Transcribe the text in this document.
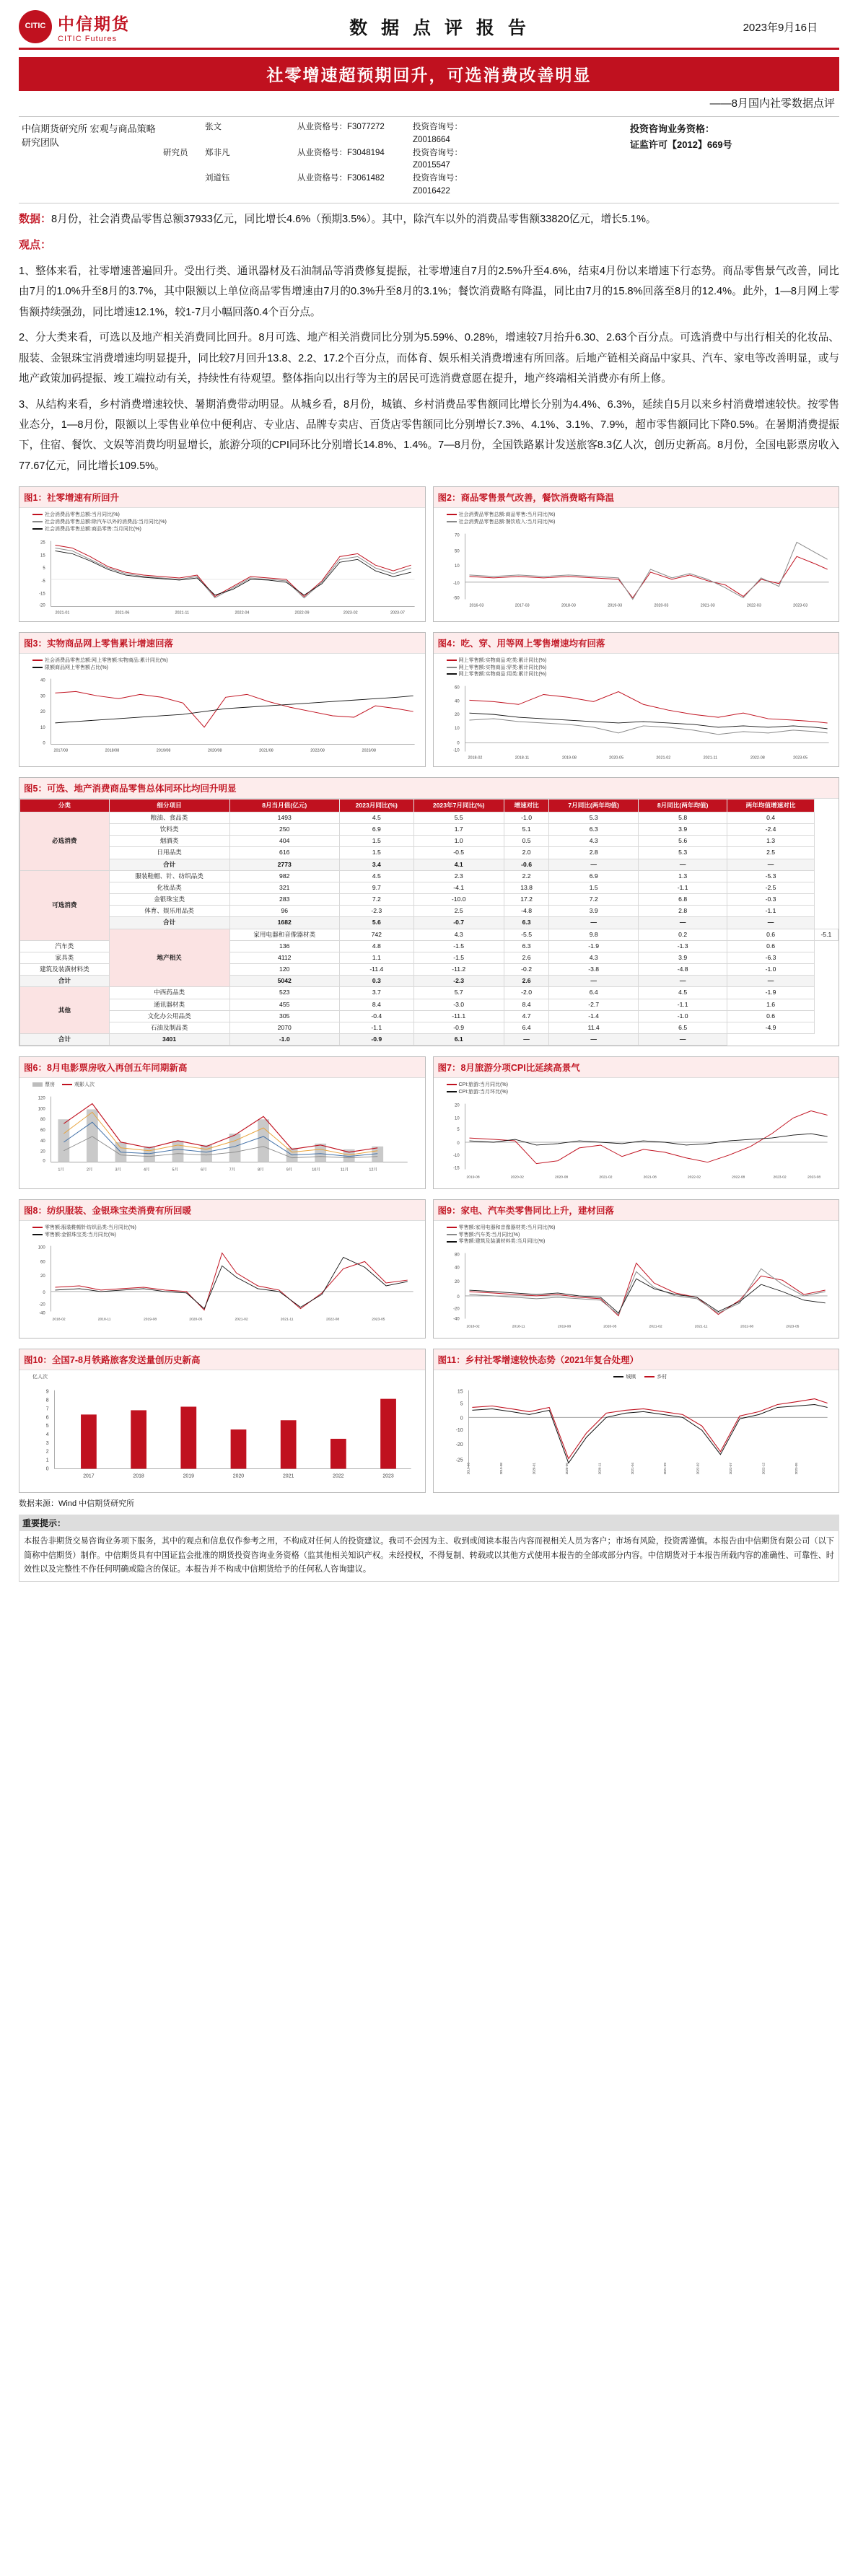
CITIC 中信期货
CITIC Futures
数 据 点 评 报 告	2023年9月16日
社零增速超预期回升，可选消费改善明显
——8月国内社零数据点评
中信期货研究所 宏观与商品策略研究团队
张文	从业资格号：F3077272	投资咨询号：Z0018664
研究员	郑非凡	从业资格号：F3048194	投资咨询号：Z0015547
刘道钰	从业资格号：F3061482	投资咨询号：Z0016422
投资咨询业务资格：
证监许可【2012】669号
数据：8月份，社会消费品零售总额37933亿元，同比增长4.6%（预期3.5%）。其中，除汽车以外的消费品零售额33820亿元，增长5.1%。
观点：
1、整体来看，社零增速普遍回升。受出行类、通讯器材及石油制品等消费修复提振，社零增速自7月的2.5%升至4.6%，结束4月份以来增速下行态势。商品零售景气改善，同比由7月的1.0%升至8月的3.7%，其中限额以上单位商品零售增速由7月的0.3%升至8月的3.1%；餐饮消费略有降温，同比由7月的15.8%回落至8月的12.4%。此外，1—8月网上零售额持续强劲，同比增速12.1%，较1-7月小幅回落0.4个百分点。
2、分大类来看，可选以及地产相关消费同比回升。8月可选、地产相关消费同比分别为5.59%、0.28%，增速较7月抬升6.30、2.63个百分点。可选消费中与出行相关的化妆品、服装、金银珠宝消费增速均明显提升，同比较7月回升13.8、2.2、17.2个百分点，而体育、娱乐相关消费增速有所回落。后地产链相关商品中家具、汽车、家电等改善明显，或与地产政策加码提振、竣工端拉动有关，持续性有待观望。整体指向以出行等为主的居民可选消费意愿在提升，地产终端相关消费亦有所上修。
3、从结构来看，乡村消费增速较快、暑期消费带动明显。从城乡看，8月份，城镇、乡村消费品零售额同比增长分别为4.4%、6.3%，延续自5月以来乡村消费增速较快。按零售业态分，1—8月份，限额以上零售业单位中便利店、专业店、品牌专卖店、百货店零售额同比分别增长7.3%、4.1%、3.1%、7.9%，超市零售额同比下降0.5%。在暑期消费提振下，住宿、餐饮、文娱等消费均明显增长，旅游分项的CPI同环比分别增长14.8%、1.4%。7—8月份，全国铁路累计发送旅客8.3亿人次，创历史新高。8月份，全国电影票房收入77.67亿元，同比增长109.5%。
图1：社零增速有所回升
社会消费品零售总额:当月同比(%)
社会消费品零售总额:除汽车以外的消费品:当月同比(%)
社会消费品零售总额:商品零售:当月同比(%)
25
15
5
-5
-15
-20
2021-01	2021-06	2021-11	2022-04	2022-09	2023-02	2023-07
图2：商品零售景气改善，餐饮消费略有降温
社会消费品零售总额:商品零售:当月同比(%)
社会消费品零售总额:餐饮收入:当月同比(%)
70
50
10
-10
-50
2016-03	2017-03	2018-03	2019-03	2020-03	2021-03	2022-03	2023-03
图3：实物商品网上零售累计增速回落
社会消费品零售总额:网上零售额:实物商品:累计同比(%)
限额商品网上零售额占比(%)
40
30
20
10
0
2017/08	2018/08	2019/08	2020/08	2021/08	2022/08	2023/08
图4：吃、穿、用等网上零售增速均有回落
网上零售额:实物商品:吃类:累计同比(%)
网上零售额:实物商品:穿类:累计同比(%)
网上零售额:实物商品:用类:累计同比(%)
60
40
20
10
0
-10
2018-02	2018-11	2019-08	2020-05	2021-02	2021-11	2022-08	2023-05
图5：可选、地产消费商品零售总体同环比均回升明显
分类	细分项目	8月当月值(亿元)	2023月同比(%)	2023年7月同比(%)	增速对比	7月同比(两年均值)	8月同比(两年均值)	两年均值增速对比	
必选消费	粮油、食品类	1493	4.5	5.5	-1.0	5.3	5.8	0.4	
	饮料类	250	6.9	1.7	5.1	6.3	3.9	-2.4	
	烟酒类	404	1.5	1.0	0.5	4.3	5.6	1.3	
	日用品类	616	1.5	-0.5	2.0	2.8	5.3	2.5	
	合计	2773	3.4	4.1	-0.6	—	—	—	
可选消费	服装鞋帽、针、纺织品类	982	4.5	2.3	2.2	6.9	1.3	-5.3	
	化妆品类	321	9.7	-4.1	13.8	1.5	-1.1	-2.5	
	金银珠宝类	283	7.2	-10.0	17.2	7.2	6.8	-0.3	
	体育、娱乐用品类	96	-2.3	2.5	-4.8	3.9	2.8	-1.1	
	合计	1682	5.6	-0.7	6.3	—	—	—	
	地产相关	家用电器和音像器材类	742	4.3	-5.5	9.8	0.2	0.6	-5.1
汽车类		136	4.8	-1.5	6.3	-1.9	-1.3	0.6	
家具类		4112	1.1	-1.5	2.6	4.3	3.9	-6.3	
建筑及装潢材料类		120	-11.4	-11.2	-0.2	-3.8	-4.8	-1.0	
合计		5042	0.3	-2.3	2.6	—	—	—	
其他	中西药品类	523	3.7	5.7	-2.0	6.4	4.5	-1.9	
	通讯器材类	455	8.4	-3.0	8.4	-2.7	-1.1	1.6	
	文化办公用品类	305	-0.4	-11.1	4.7	-1.4	-1.0	0.6	
	石油及制品类	2070	-1.1	-0.9	6.4	11.4	6.5	-4.9	
合计	3401	-1.0	-0.9	6.1	—	—	—		
图6：8月电影票房收入再创五年同期新高
票房	观影人次
120
100
80
60
40
20
0
1月	2月	3月	4月	5月	6月	7月	8月	9月	10月	11月	12月
图7：8月旅游分项CPI比延续高景气
CPI:旅游:当月同比(%)
CPI:旅游:当月环比(%)
20
10
5
0
-10
-15
2019-08	2020-02	2020-08	2021-02	2021-08	2022-02	2022-08	2023-02	2023-08
图8：纺织服装、金银珠宝类消费有所回暖
零售额:服装鞋帽针纺织品类:当月同比(%)
零售额:金银珠宝类:当月同比(%)
100
60
20
0
-20
-40
2018-02	2018-11	2019-08	2020-05	2021-02	2021-11	2022-08	2023-05
图9：家电、汽车类零售同比上升，建材回落
零售额:家用电器和音像器材类:当月同比(%)
零售额:汽车类:当月同比(%)
零售额:建筑及装潢材料类:当月同比(%)
80
40
20
0
-20
-40
2018-02	2018-11	2019-08	2020-05	2021-02	2021-11	2022-08	2023-05
图10：全国7-8月铁路旅客发送量创历史新高
亿人次
9
8
7
6
5
4
3
2
1
0
2017	2018	2019	2020	2021	2022	2023
图11：乡村社零增速较快态势（2021年复合处理）
城镇	乡村
15
5
0
-10
-20
-25
2019-03	2019-08	2020-01	2020-06	2020-11	2021-04	2021-09	2022-02	2022-07	2022-12	2023-05
数据来源：Wind 中信期货研究所
重要提示：
本报告非期货交易咨询业务项下服务，其中的观点和信息仅作参考之用，不构成对任何人的投资建议。我司不会因为主、收到或阅读本报告内容而视相关人员为客户；市场有风险，投资需谨慎。本报告由中信期货有限公司（以下简称中信期货）制作。中信期货具有中国证监会批准的期货投资咨询业务资格（监其他相关知识产权。未经授权，不得复制、转载或以其他方式使用本报告的全部或部分内容。中信期货对于本报告所载内容的准确性、可靠性、时效性以及完整性不作任何明确或隐含的保证。本报告并不构成中信期货给予的任何私人咨询建议。
